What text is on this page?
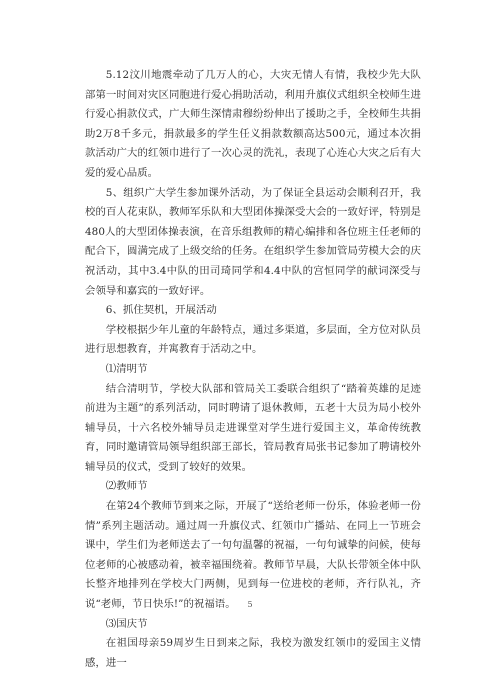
5.12汶川地震牵动了几万人的心，大灾无情人有情，我校少先大队部第一时间对灾区同胞进行爱心捐助活动，利用升旗仪式组织全校师生进行爱心捐款仪式，广大师生深情肃穆纷纷伸出了援助之手，全校师生共捐助2万8千多元，捐款最多的学生任义捐款数额高达500元，通过本次捐款活动广大的红领巾进行了一次心灵的洗礼，表现了心连心大灾之后有大爱的爱心品质。

5、组织广大学生参加课外活动，为了保证全县运动会顺利召开，我校的百人花束队，教师军乐队和大型团体操深受大会的一致好评，特别是480人的大型团体操表演，在音乐组教师的精心编排和各位班主任老师的配合下，圆满完成了上级交给的任务。在组织学生参加管局劳模大会的庆祝活动，其中3.4中队的田司琦同学和4.4中队的宫恒同学的献词深受与会领导和嘉宾的一致好评。

6、抓住契机，开展活动

学校根据少年儿童的年龄特点，通过多渠道，多层面，全方位对队员进行思想教育，并寓教育于活动之中。

⑴清明节

结合清明节，学校大队部和管局关工委联合组织了“踏着英雄的足迹前进为主题”的系列活动，同时聘请了退休教师，五老十大员为局小校外辅导员，十六名校外辅导员走进课堂对学生进行爱国主义，革命传统教育，同时邀请管局领导组织部王部长，管局教育局张书记参加了聘请校外辅导员的仪式，受到了较好的效果。

⑵教师节

在第24个教师节到来之际，开展了“送给老师一份乐，体验老师一份情”系列主题活动。通过周一升旗仪式、红领巾广播站、在同上一节班会课中，学生们为老师送去了一句句温馨的祝福，一句句诚挚的问候，使每位老师的心被感动着，被幸福围绕着。教师节早晨，大队长带领全体中队长整齐地排列在学校大门两侧，见到每一位进校的老师，齐行队礼，齐说“老师，节日快乐!”的祝福语。

⑶国庆节

在祖国母亲59周岁生日到来之际，我校为激发红领巾的爱国主义情感，进一

5
